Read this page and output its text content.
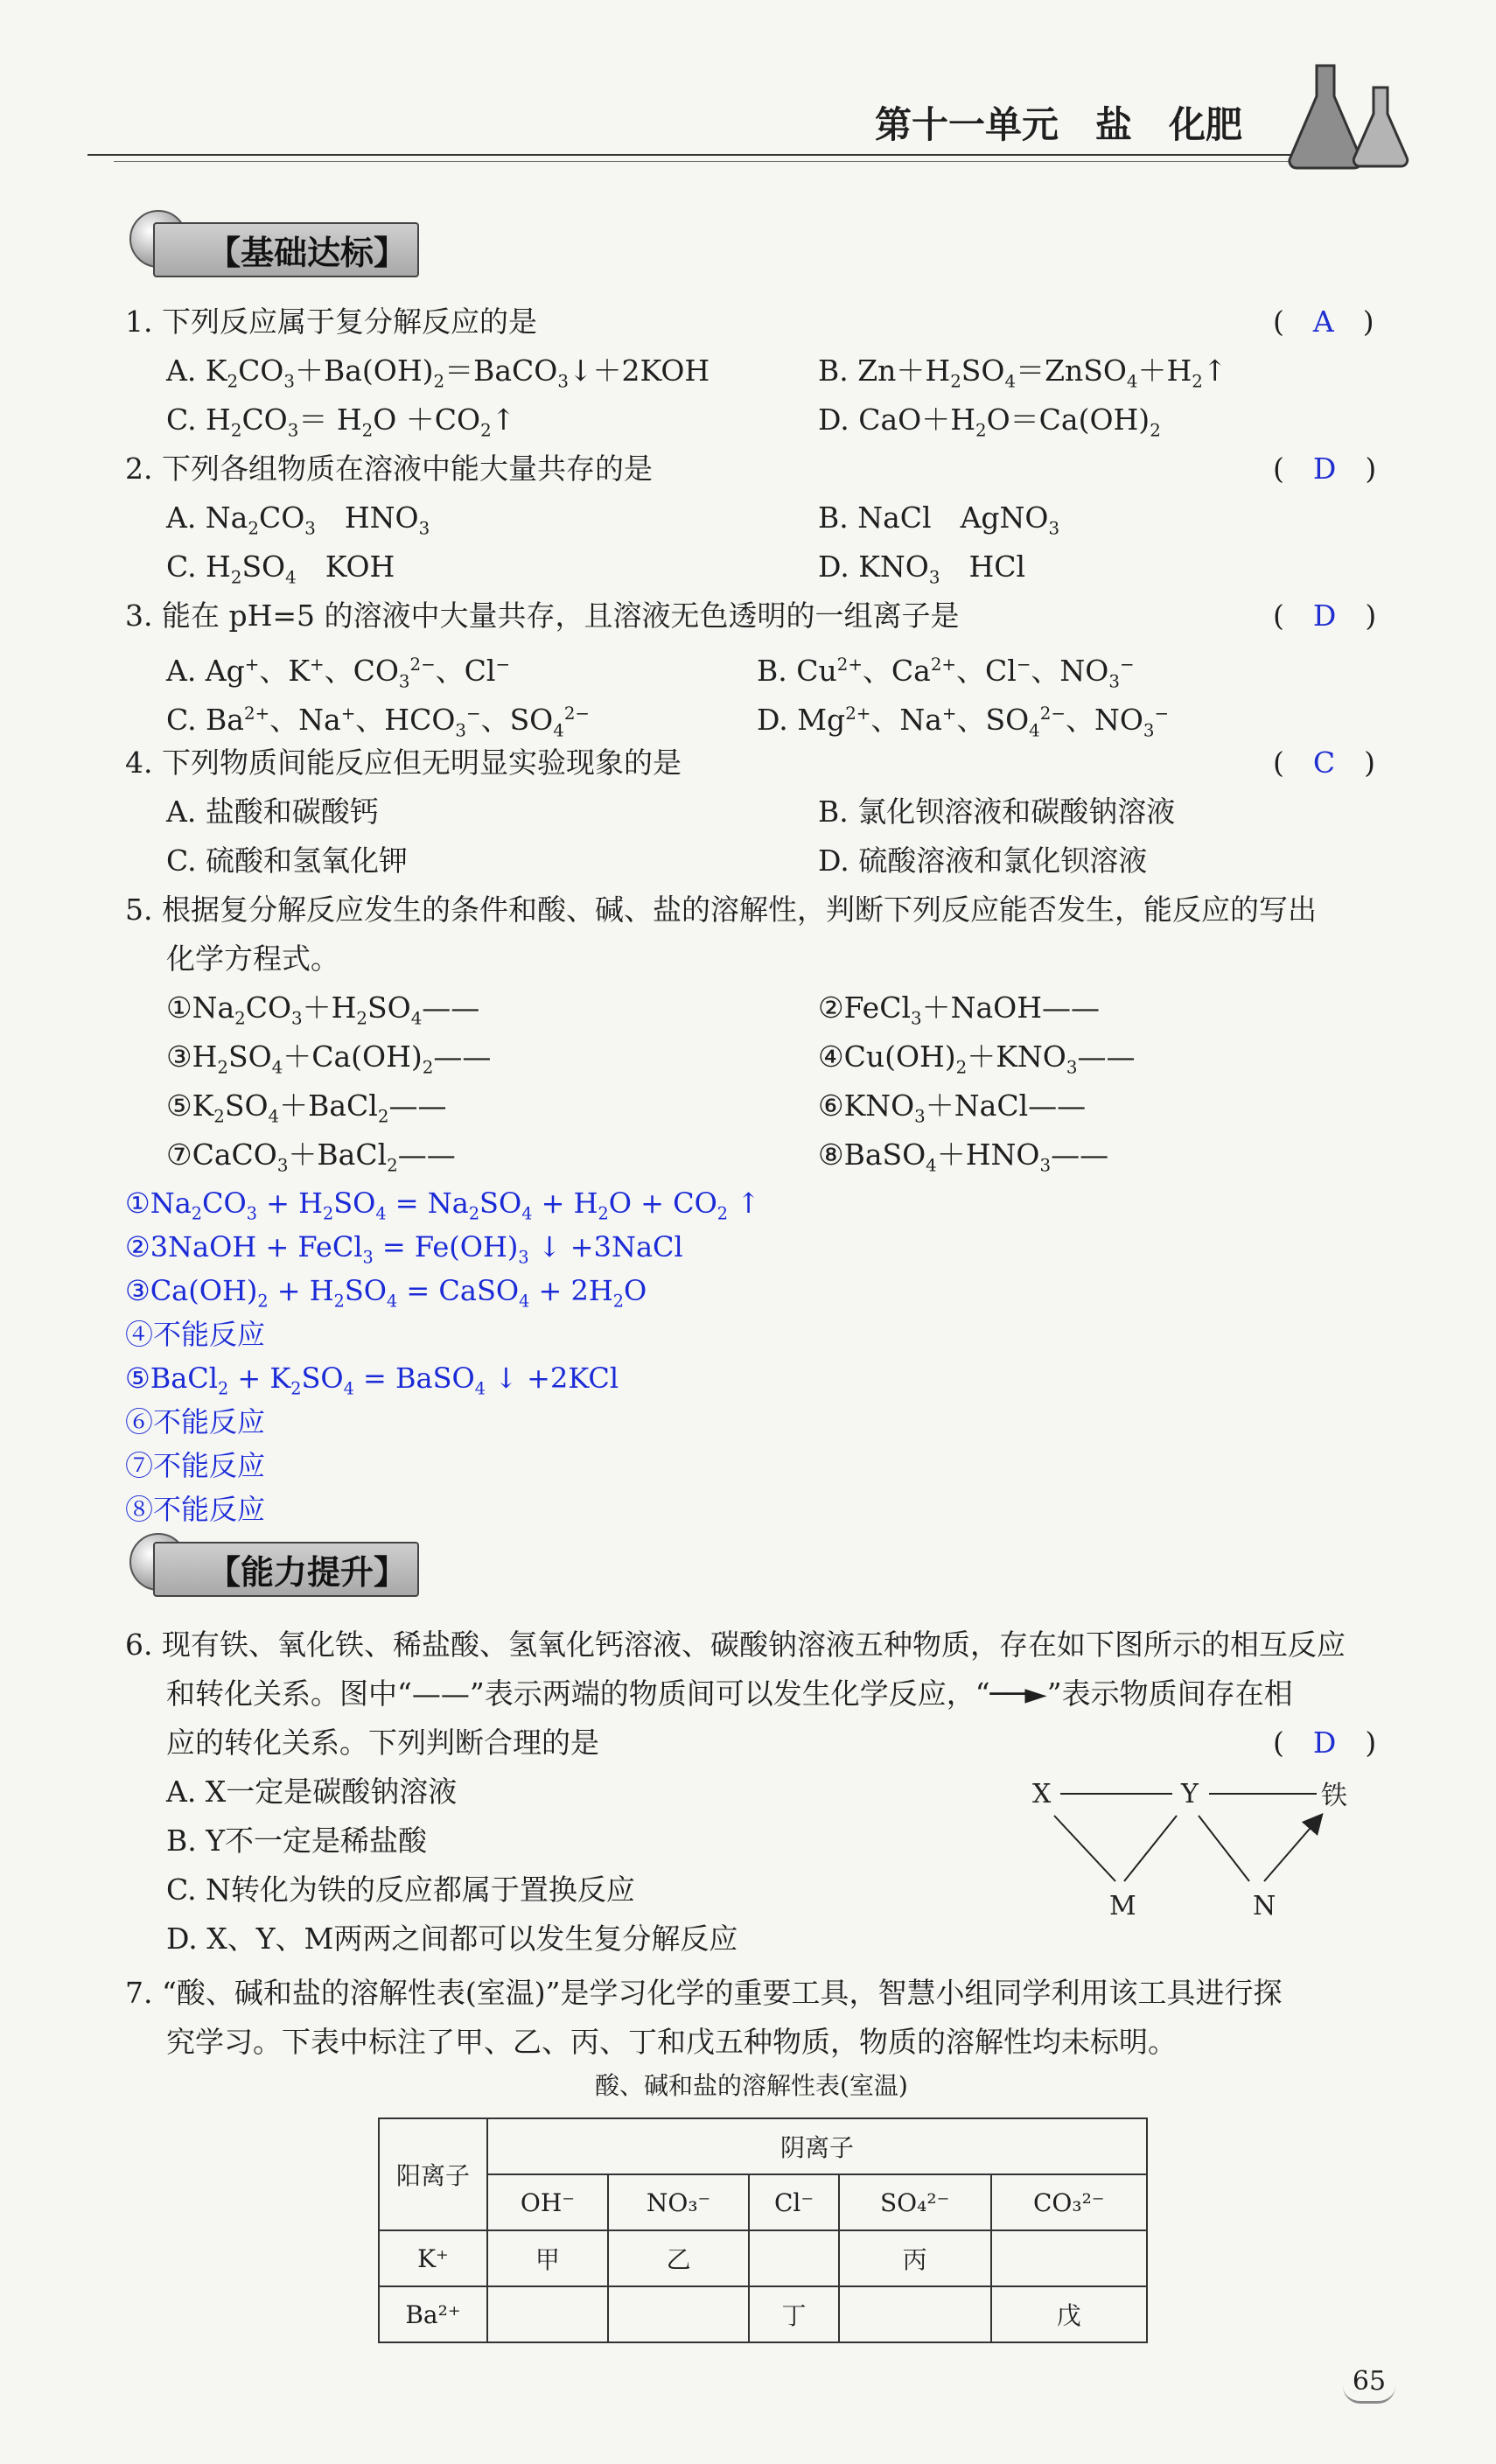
第十一单元　盐　化肥
【基础达标】
1. 下列反应属于复分解反应的是	(　A　)
A. $K_2CO_3+Ba(OH)_2=BaCO_3↓+2KOH$	B. $Zn+H_2SO_4=ZnSO_4+H_2↑$
C. $H_2CO_3= H_2O$ $+CO_2↑$	D. $CaO+H_2O=Ca(OH)_2$
2. 下列各组物质在溶液中能大量共存的是	(　D　)
A. $Na_2CO_3$　$HNO_3$	B. NaCl　AgNO$_3$
C. $H_2SO_4$　KOH	D. $KNO_3$　HCl
3. 能在 pH=5 的溶液中大量共存，且溶液无色透明的一组离子是	(　D　)
A. Ag+、K+、$CO_3^{2-}$、Cl−	B. $Cu^{2+}$、$Ca^{2+}$、Cl−、$NO_3^-$
C. $Ba^{2+}$、Na+、$HCO_3^-$、$SO_4^{2-}$	D. $Mg^{2+}$、Na+、$SO_4^{2-}$、$NO_3^-$
4. 下列物质间能反应但无明显实验现象的是	(　C　)
A. 盐酸和碳酸钙	B. 氯化钡溶液和碳酸钠溶液
C. 硫酸和氢氧化钾	D. 硫酸溶液和氯化钡溶液
5. 根据复分解反应发生的条件和酸、碱、盐的溶解性，判断下列反应能否发生，能反应的写出
化学方程式。
$①Na_2CO_3+H_2SO_4——$	②FeCl$_3$＋NaOH——
$③H_2SO_4+Ca(OH)_2——$	$④Cu(OH)_2+KNO_3——$
$⑤K_2SO_4+BaCl_2——$	$⑥KNO_3+NaCl——$
⑦CaCO$_3$＋BaCl$_2$——	$⑧BaSO_4+HNO_3——$
$①Na_2CO_3 + H_2SO_4 = Na_2SO_4 + H_2O + CO_2$ ↑
②3NaOH + FeCl$_3$ = $Fe(OH)_3$ ↓ +3NaCl
$③Ca(OH)_2 + H_2SO_4$ = CaSO$_4$ + $2H_2O$
④不能反应
⑤BaCl$_2$ + $K_2SO_4$ = BaSO$_4$ ↓ +2KCl
⑥不能反应
⑦不能反应
⑧不能反应
【能力提升】
6. 现有铁、氧化铁、稀盐酸、氢氧化钙溶液、碳酸钠溶液五种物质，存在如下图所示的相互反应
和转化关系。图中“——”表示两端的物质间可以发生化学反应，“──►”表示物质间存在相
应的转化关系。下列判断合理的是	(　D　)
A. X一定是碳酸钠溶液
B. Y不一定是稀盐酸
C. N转化为铁的反应都属于置换反应
D. X、Y、M两两之间都可以发生复分解反应
X	Y	铁
M	N
7. “酸、碱和盐的溶解性表(室温)”是学习化学的重要工具，智慧小组同学利用该工具进行探
究学习。下表中标注了甲、乙、丙、丁和戊五种物质，物质的溶解性均未标明。
酸、碱和盐的溶解性表(室温)
阳离子	阴离子				
	OH⁻	NO₃⁻	Cl⁻	SO₄²⁻	CO₃²⁻
K⁺	甲	乙		丙	
Ba²⁺			丁		戊
65
